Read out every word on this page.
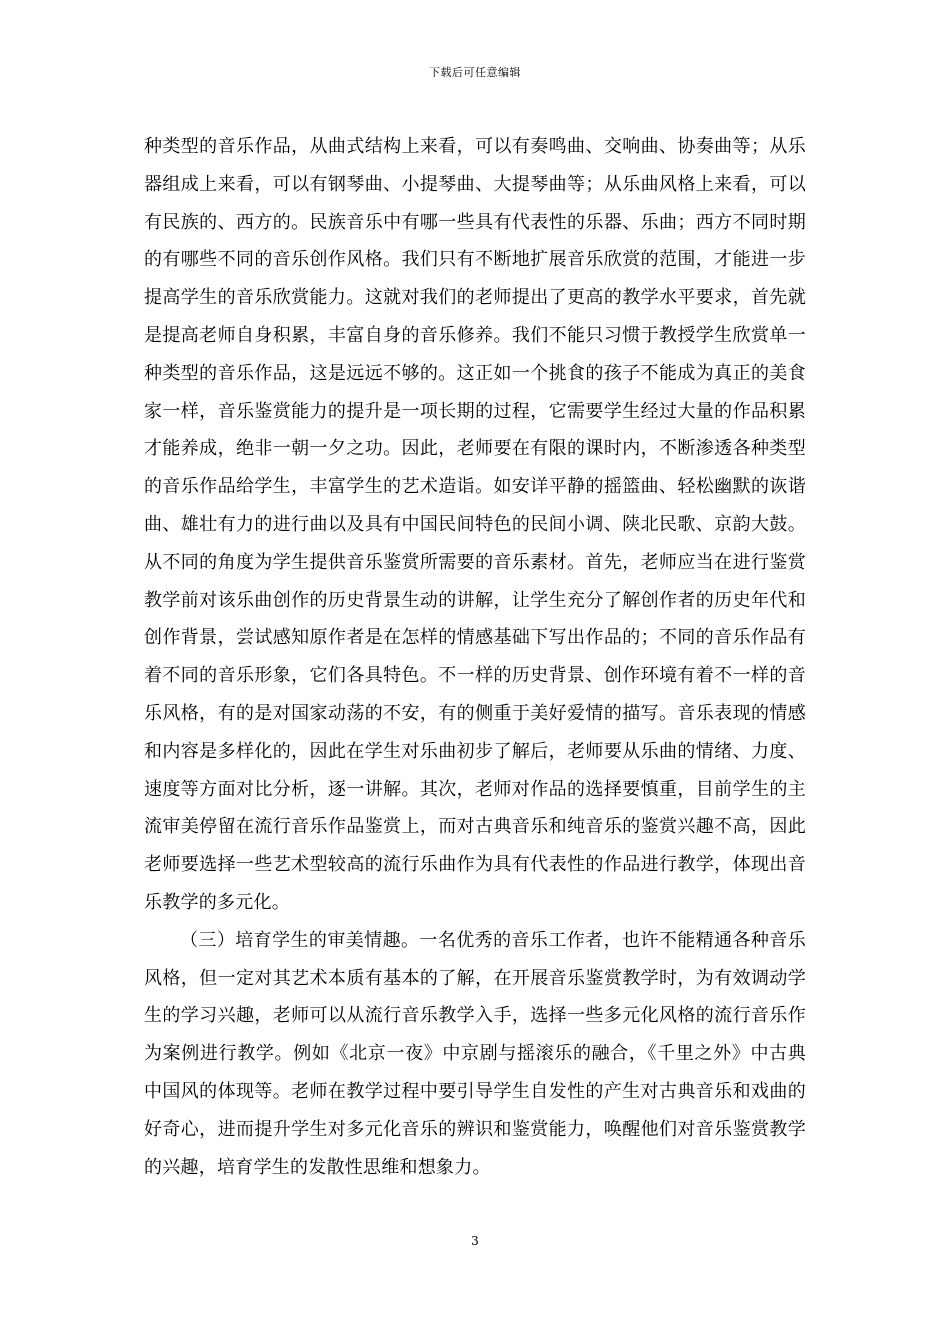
下载后可任意编辑

种类型的音乐作品，从曲式结构上来看，可以有奏鸣曲、交响曲、协奏曲等；从乐器组成上来看，可以有钢琴曲、小提琴曲、大提琴曲等；从乐曲风格上来看，可以有民族的、西方的。民族音乐中有哪一些具有代表性的乐器、乐曲；西方不同时期的有哪些不同的音乐创作风格。我们只有不断地扩展音乐欣赏的范围，才能进一步提高学生的音乐欣赏能力。这就对我们的老师提出了更高的教学水平要求，首先就是提高老师自身积累，丰富自身的音乐修养。我们不能只习惯于教授学生欣赏单一种类型的音乐作品，这是远远不够的。这正如一个挑食的孩子不能成为真正的美食家一样，音乐鉴赏能力的提升是一项长期的过程，它需要学生经过大量的作品积累才能养成，绝非一朝一夕之功。因此，老师要在有限的课时内，不断渗透各种类型的音乐作品给学生，丰富学生的艺术造诣。如安详平静的摇篮曲、轻松幽默的诙谐曲、雄壮有力的进行曲以及具有中国民间特色的民间小调、陕北民歌、京韵大鼓。从不同的角度为学生提供音乐鉴赏所需要的音乐素材。首先，老师应当在进行鉴赏教学前对该乐曲创作的历史背景生动的讲解，让学生充分了解创作者的历史年代和创作背景，尝试感知原作者是在怎样的情感基础下写出作品的；不同的音乐作品有着不同的音乐形象，它们各具特色。不一样的历史背景、创作环境有着不一样的音乐风格，有的是对国家动荡的不安，有的侧重于美好爱情的描写。音乐表现的情感和内容是多样化的，因此在学生对乐曲初步了解后，老师要从乐曲的情绪、力度、速度等方面对比分析，逐一讲解。其次，老师对作品的选择要慎重，目前学生的主流审美停留在流行音乐作品鉴赏上，而对古典音乐和纯音乐的鉴赏兴趣不高，因此老师要选择一些艺术型较高的流行乐曲作为具有代表性的作品进行教学，体现出音乐教学的多元化。

（三）培育学生的审美情趣。一名优秀的音乐工作者，也许不能精通各种音乐风格，但一定对其艺术本质有基本的了解，在开展音乐鉴赏教学时，为有效调动学生的学习兴趣，老师可以从流行音乐教学入手，选择一些多元化风格的流行音乐作为案例进行教学。例如《北京一夜》中京剧与摇滚乐的融合，《千里之外》中古典中国风的体现等。老师在教学过程中要引导学生自发性的产生对古典音乐和戏曲的好奇心，进而提升学生对多元化音乐的辨识和鉴赏能力，唤醒他们对音乐鉴赏教学的兴趣，培育学生的发散性思维和想象力。

3
